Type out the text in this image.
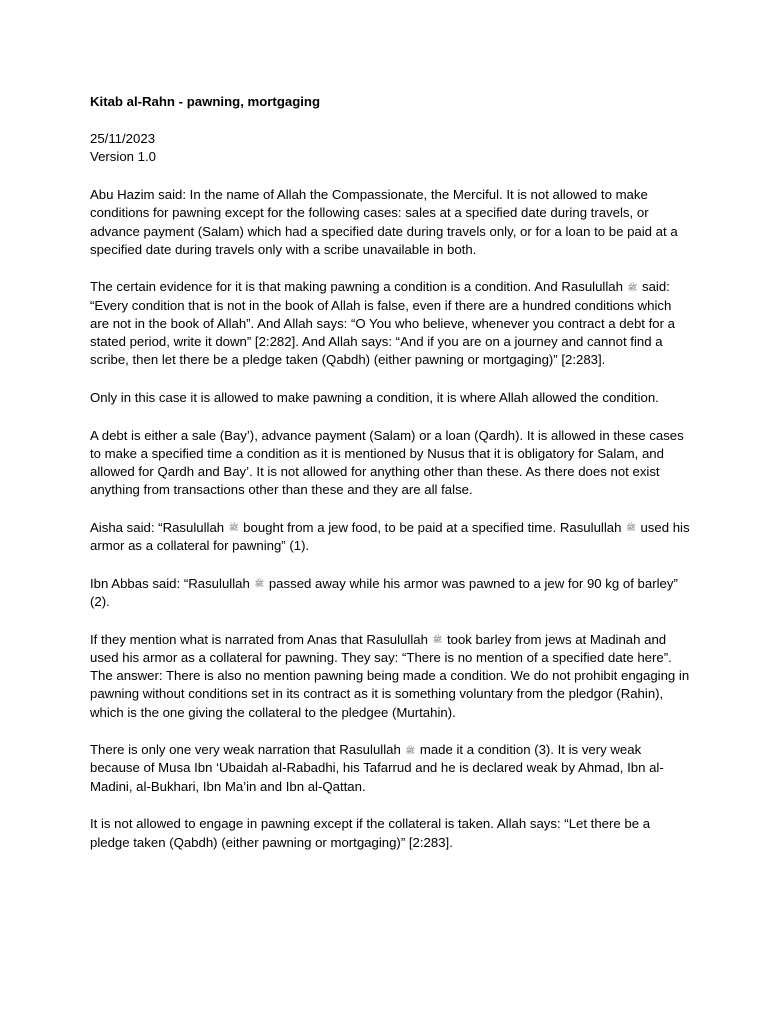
Kitab al-Rahn - pawning, mortgaging
25/11/2023
Version 1.0

Abu Hazim said: In the name of Allah the Compassionate, the Merciful. It is not allowed to make conditions for pawning except for the following cases: sales at a specified date during travels, or advance payment (Salam) which had a specified date during travels only, or for a loan to be paid at a specified date during travels only with a scribe unavailable in both.

The certain evidence for it is that making pawning a condition is a condition. And Rasulullah ﷺ said: “Every condition that is not in the book of Allah is false, even if there are a hundred conditions which are not in the book of Allah”. And Allah says: “O You who believe, whenever you contract a debt for a stated period, write it down” [2:282]. And Allah says: “And if you are on a journey and cannot find a scribe, then let there be a pledge taken (Qabdh) (either pawning or mortgaging)” [2:283].

Only in this case it is allowed to make pawning a condition, it is where Allah allowed the condition.

A debt is either a sale (Bay’), advance payment (Salam) or a loan (Qardh). It is allowed in these cases to make a specified time a condition as it is mentioned by Nusus that it is obligatory for Salam, and allowed for Qardh and Bay’. It is not allowed for anything other than these. As there does not exist anything from transactions other than these and they are all false.

Aisha said: “Rasulullah ﷺ bought from a jew food, to be paid at a specified time. Rasulullah ﷺ used his armor as a collateral for pawning” (1).

Ibn Abbas said: “Rasulullah ﷺ passed away while his armor was pawned to a jew for 90 kg of barley” (2).

If they mention what is narrated from Anas that Rasulullah ﷺ took barley from jews at Madinah and used his armor as a collateral for pawning. They say: “There is no mention of a specified date here”. The answer: There is also no mention pawning being made a condition. We do not prohibit engaging in pawning without conditions set in its contract as it is something voluntary from the pledgor (Rahin), which is the one giving the collateral to the pledgee (Murtahin).

There is only one very weak narration that Rasulullah ﷺ made it a condition (3). It is very weak because of Musa Ibn ‘Ubaidah al-Rabadhi, his Tafarrud and he is declared weak by Ahmad, Ibn al-Madini, al-Bukhari, Ibn Ma’in and Ibn al-Qattan.

It is not allowed to engage in pawning except if the collateral is taken. Allah says: “Let there be a pledge taken (Qabdh) (either pawning or mortgaging)” [2:283].
